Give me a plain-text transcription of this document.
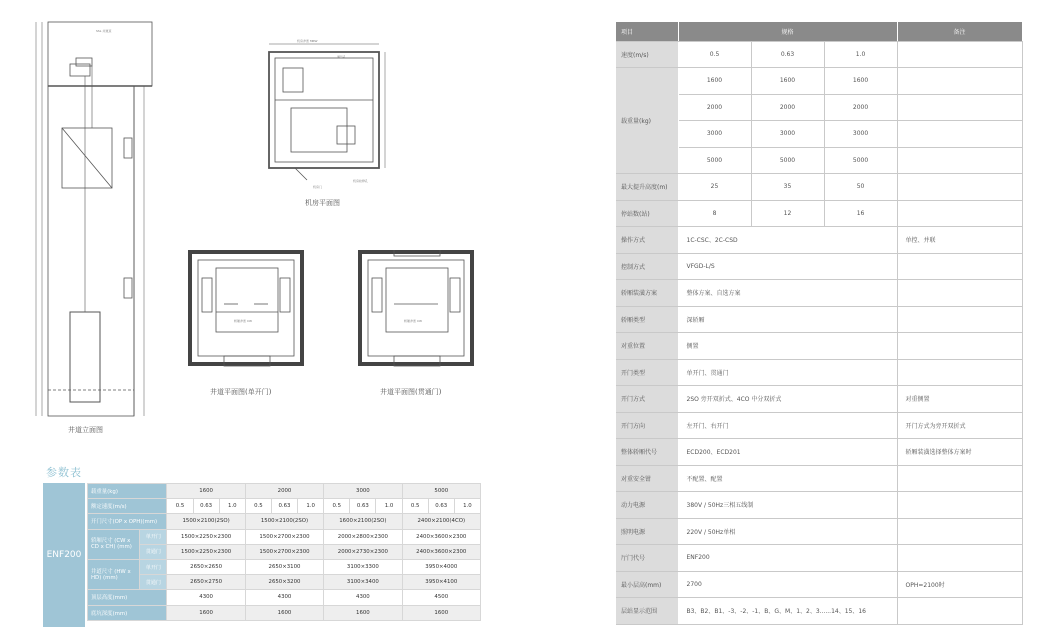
SSL 井道顶
井道立面图
机房净宽 MRW
通气孔
机房检修孔
机房门
机房平面图
轿厢净宽 CW
井道平面图(单开门)
轿厢净宽 CW
井道平面图(贯通门)
参数表
ENF200
载重量(kg)		1600			2000			3000			5000		
额定速度(m/s)		0.5	0.63	1.0	0.5	0.63	1.0	0.5	0.63	1.0	0.5	0.63	1.0
开门尺寸(OP x OPH)(mm)		1500×2100(2SO)			1500×2100(2SO)			1600×2100(2SO)			2400×2100(4CO)		
轿厢尺寸 (CW x CD x CH) (mm)	单开门	1500×2250×2300			1500×2700×2300			2000×2800×2300			2400×3600×2300		
	贯通门	1500×2250×2300			1500×2700×2300			2000×2730×2300			2400×3600×2300		
井道尺寸 (HW x HD) (mm)	单开门	2650×2650			2650×3100			3100×3300			3950×4000		
	贯通门	2650×2750			2650×3200			3100×3400			3950×4100		
顶层高度(mm)		4300			4300			4300			4500		
底坑深度(mm)		1600			1600			1600			1600		
项目	规格			备注
速度(m/s)	0.5	0.63	1.0	
载重量(kg)	1600	1600	1600	
	2000	2000	2000	
	3000	3000	3000	
	5000	5000	5000	
最大提升高度(m)	25	35	50	
停站数(站)	8	12	16	
操作方式	1C-CSC、2C-CSD			单控、并联
控制方式	VFGD-L/S			
轿厢装潢方案	整体方案、自选方案			
轿厢类型	深轿厢			
对重位置	侧置			
开门类型	单开门、贯通门			
开门方式	2SO 旁开双折式、4CO 中分双折式			对重侧置
开门方向	左开门、右开门			开门方式为旁开双折式
整体轿厢代号	ECD200、ECD201			轿厢装潢选择整体方案时
对重安全钳	不配置、配置			
动力电源	380V / 50Hz三相五线制			
照明电源	220V / 50Hz单相			
厅门代号	ENF200			
最小层高(mm)	2700			OPH=2100时
层站显示范围	B3、B2、B1、-3、-2、-1、B、G、M、1、2、3......14、15、16			
